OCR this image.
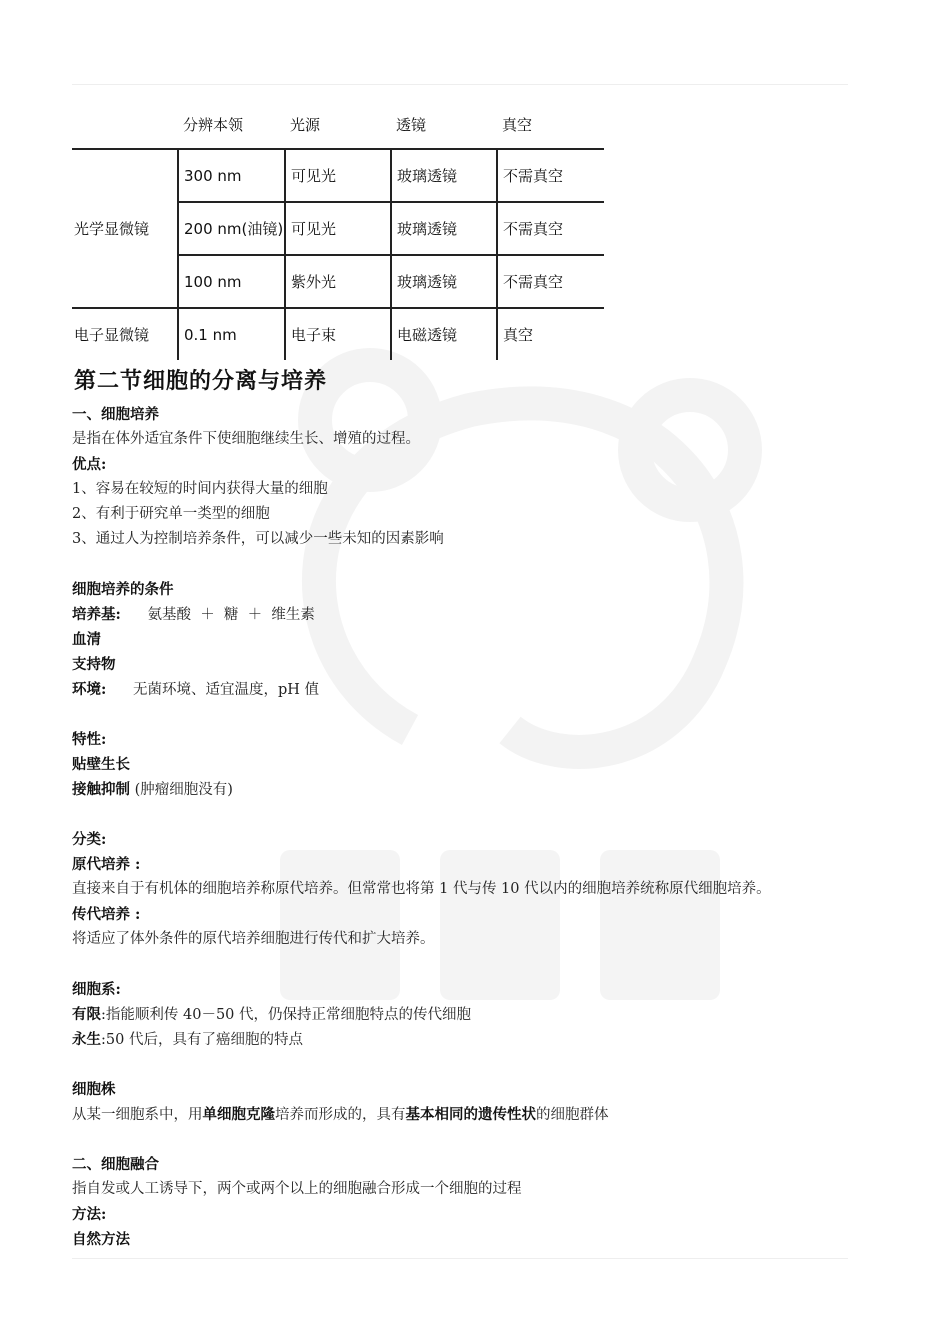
	分辨本领	光源	透镜	真空
光学显微镜	300 nm	可见光	玻璃透镜	不需真空
	200 nm(油镜)	可见光	玻璃透镜	不需真空
	100 nm	紫外光	玻璃透镜	不需真空
电子显微镜	0.1 nm	电子束	电磁透镜	真空
第二节细胞的分离与培养

一、细胞培养

是指在体外适宜条件下使细胞继续生长、增殖的过程。

优点:

1、容易在较短的时间内获得大量的细胞

2、有利于研究单一类型的细胞

3、通过人为控制培养条件，可以减少一些未知的因素影响

细胞培养的条件

培养基: 氨基酸 ＋ 糖 ＋ 维生素

血清

支持物

环境: 无菌环境、适宜温度，pH 值

特性:

贴壁生长

接触抑制 (肿瘤细胞没有)

分类:

原代培养 :

直接来自于有机体的细胞培养称原代培养。但常常也将第 1 代与传 10 代以内的细胞培养统称原代细胞培养。

传代培养 :

将适应了体外条件的原代培养细胞进行传代和扩大培养。

细胞系:

有限:指能顺利传 40－50 代，仍保持正常细胞特点的传代细胞

永生:50 代后，具有了癌细胞的特点

细胞株

从某一细胞系中，用单细胞克隆培养而形成的，具有基本相同的遗传性状的细胞群体

二、细胞融合

指自发或人工诱导下，两个或两个以上的细胞融合形成一个细胞的过程

方法:

自然方法
